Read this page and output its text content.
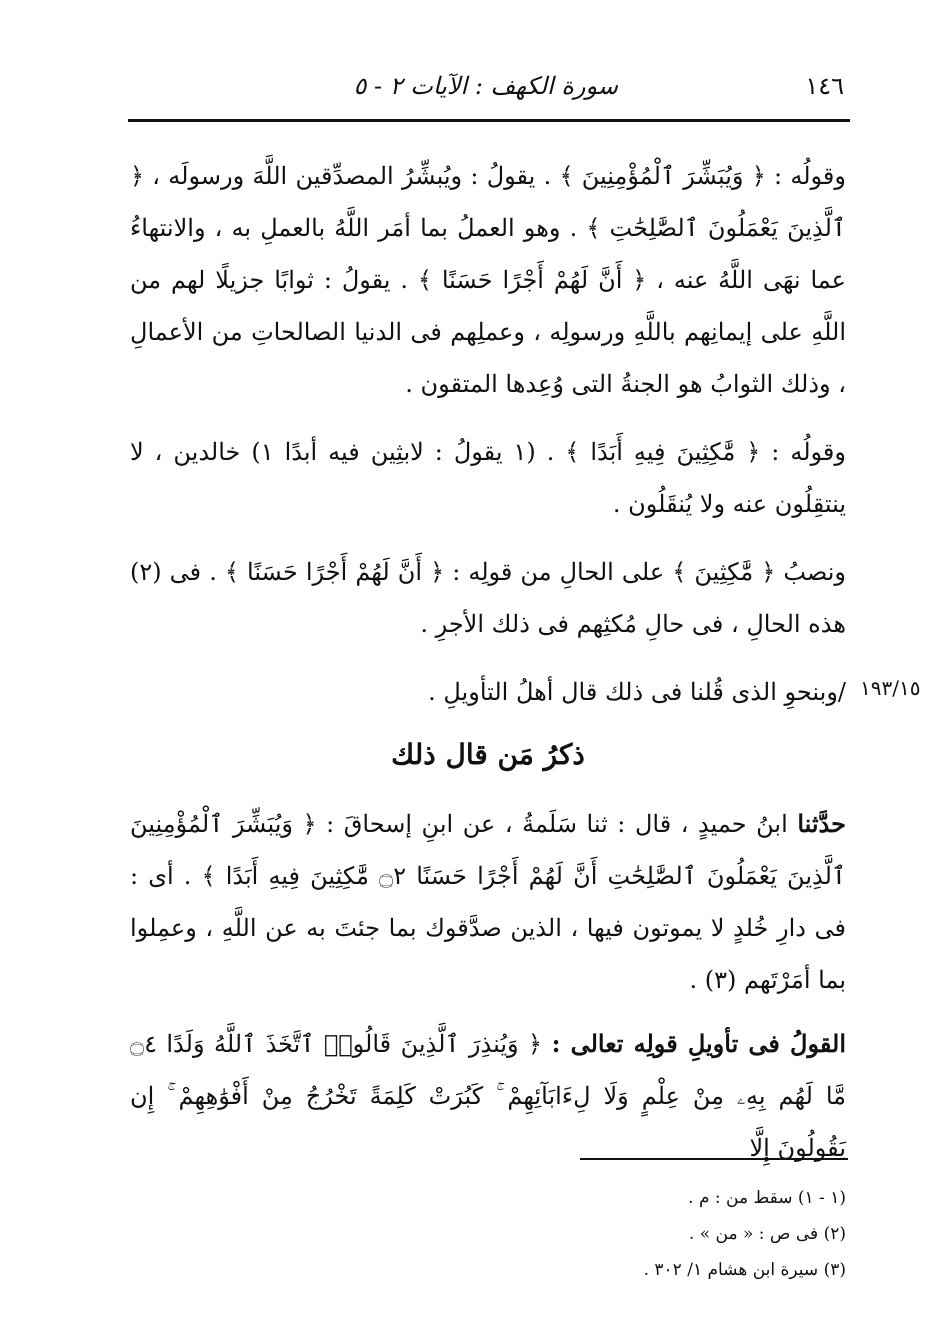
١٤٦
سورة الكهف : الآيات ٢ - ٥
وقولُه : ﴿ وَيُبَشِّرَ ٱلْمُؤْمِنِينَ ﴾ . يقولُ : ويُبشِّرُ المصدِّقين اللَّهَ ورسولَه ، ﴿ ٱلَّذِينَ يَعْمَلُونَ ٱلصَّٰلِحَٰتِ ﴾ . وهو العملُ بما أمَر اللَّهُ بالعملِ به ، والانتهاءُ عما نهَى اللَّهُ عنه ، ﴿ أَنَّ لَهُمْ أَجْرًا حَسَنًا ﴾ . يقولُ : ثوابًا جزيلًا لهم من اللَّهِ على إيمانِهم باللَّهِ ورسولِه ، وعملِهم فى الدنيا الصالحاتِ من الأعمالِ ، وذلك الثوابُ هو الجنةُ التى وُعِدها المتقون .
وقولُه : ﴿ مَّٰكِثِينَ فِيهِ أَبَدًا ﴾ . (١ يقولُ : لابثِين فيه أبدًا ١) خالدين ، لا ينتقِلُون عنه ولا يُنقَلُون .
ونصبُ ﴿ مَّٰكِثِينَ ﴾ على الحالِ من قولِه : ﴿ أَنَّ لَهُمْ أَجْرًا حَسَنًا ﴾ . فى (٢) هذه الحالِ ، فى حالِ مُكثِهم فى ذلك الأجرِ .
/وبنحوِ الذى قُلنا فى ذلك قال أهلُ التأويلِ . ١٩٣/١٥
ذكرُ مَن قال ذلك
حدَّثنا ابنُ حميدٍ ، قال : ثنا سَلَمةُ ، عن ابنِ إسحاقَ : ﴿ وَيُبَشِّرَ ٱلْمُؤْمِنِينَ ٱلَّذِينَ يَعْمَلُونَ ٱلصَّٰلِحَٰتِ أَنَّ لَهُمْ أَجْرًا حَسَنًا ۝٢ مَّٰكِثِينَ فِيهِ أَبَدًا ﴾ . أى : فى دارِ خُلدٍ لا يموتون فيها ، الذين صدَّقوك بما جئتَ به عن اللَّهِ ، وعمِلوا بما أمَرْتَهم (٣) .
القولُ فى تأويلِ قولِه تعالى : ﴿ وَيُنذِرَ ٱلَّذِينَ قَالُوا۟ ٱتَّخَذَ ٱللَّهُ وَلَدًا ۝٤ مَّا لَهُم بِهِۦ مِنْ عِلْمٍ وَلَا لِءَابَآئِهِمْ ۚ كَبُرَتْ كَلِمَةً تَخْرُجُ مِنْ أَفْوَٰهِهِمْ ۚ إِن يَقُولُونَ إِلَّا
(١ - ١) سقط من : م .
(٢) فى ص : « من » .
(٣) سيرة ابن هشام ١/ ٣٠٢ .
